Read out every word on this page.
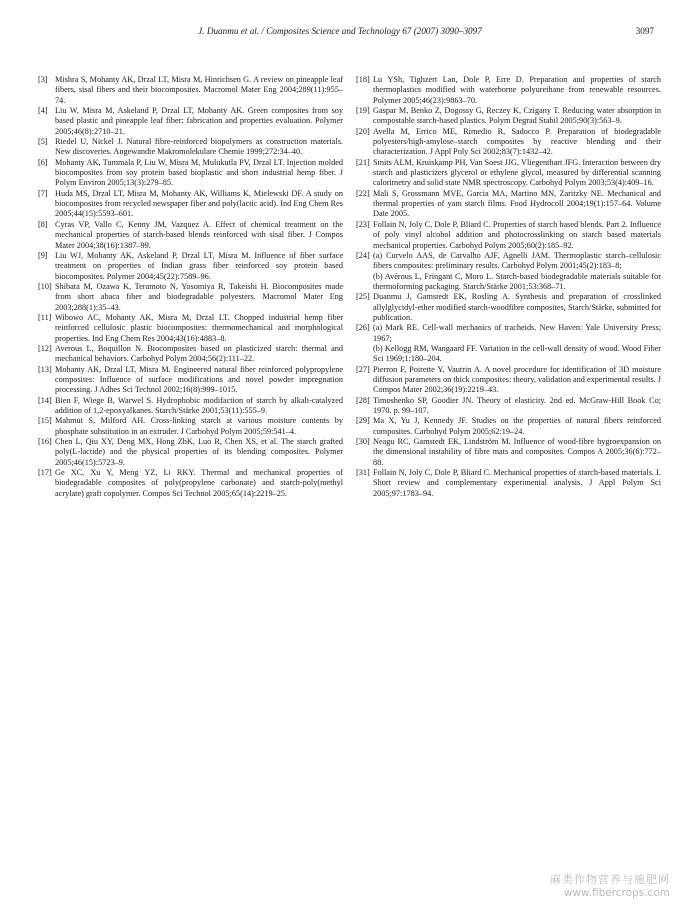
J. Duanmu et al. / Composites Science and Technology 67 (2007) 3090–3097	3097
[3] Mishra S, Mohanty AK, Drzal LT, Misra M, Hinrichsen G. A review on pineapple leaf fibers, sisal fibers and their biocomposites. Macromol Mater Eng 2004;289(11):955–74.
[4] Liu W, Misra M, Askeland P, Drzal LT, Mohanty AK. Green composites from soy based plastic and pineapple leaf fiber: fabrication and properties evaluation. Polymer 2005;46(8):2710–21.
[5] Riedel U, Nickel J. Natural fibre-reinforced biopolymers as construction materials. New discoveries. Angewandte Makromolekulare Chemie 1999;272:34–40.
[6] Mohanty AK, Tummala P, Liu W, Misra M, Mulukutla PV, Drzal LT. Injection molded biocomposites from soy protein based bioplastic and short industrial hemp fiber. J Polym Environ 2005;13(3):279–85.
[7] Huda MS, Drzal LT, Misra M, Mohanty AK, Williams K, Mielewski DF. A study on biocomposites from recycled newspaper fiber and poly(lactic acid). Ind Eng Chem Res 2005;44(15):5593–601.
[8] Cyras VP, Vallo C, Kenny JM, Vazquez A. Effect of chemical treatment on the mechanical properties of starch-based blends reinforced with sisal fiber. J Compos Mater 2004;38(16):1387–99.
[9] Liu WJ, Mohanty AK, Askeland P, Drzal LT, Misra M. Influence of fiber surface treatment on properties of Indian grass fiber reinforced soy protein based biocomposites. Polymer 2004;45(22):7589–96.
[10] Shibata M, Ozawa K, Teramoto N, Yosomiya R, Takeishi H. Biocomposites made from short abaca fiber and biodegradable polyesters. Macromol Mater Eng 2003;288(1):35–43.
[11] Wibowo AC, Mohanty AK, Misra M, Drzal LT. Chopped industrial hemp fiber reinforced cellulosic plastic biocomposites: thermomechanical and morphological properties. Ind Eng Chem Res 2004;43(16):4883–8.
[12] Averous L, Boquillon N. Biocomposites based on plasticized starch: thermal and mechanical behaviors. Carbohyd Polym 2004;56(2):111–22.
[13] Mohanty AK, Drzal LT, Misra M. Engineered natural fiber reinforced polypropylene composites: Influence of surface modifications and novel powder impregnation processing. J Adhes Sci Technol 2002;16(8):999–1015.
[14] Bien F, Wiege B, Warwel S. Hydrophobic modifaction of starch by alkali-catalyzed addition of 1,2-epoxyalkanes. Starch/Stärke 2001;53(11):555–9.
[15] Mahmut S, Milford AH. Cross-linking starch at various moisture contents by phosphate substitution in an extruder. J Carbohyd Polym 2005;59:541–4.
[16] Chen L, Qiu XY, Deng MX, Hong ZhK, Luo R, Chen XS, et al. The starch grafted poly(L-lactide) and the physical properties of its blending composites. Polymer 2005;46(15):5723–9.
[17] Ge XC, Xu Y, Meng YZ, Li RKY. Thermal and mechanical properties of biodegradable composites of poly(propylene carbonate) and starch-poly(methyl acrylate) graft copolymer. Compos Sci Technol 2005;65(14):2219–25.
[18] Lu YSh, Tighzert Lan, Dole P, Erre D. Preparation and properties of starch thermoplastics modified with waterborne polyurethane from renewable resources. Polymer 2005;46(23):9863–70.
[19] Gaspar M, Benko Z, Dogossy G, Reczey K, Czigany T. Reducing water absorption in compostable starch-based plastics. Polym Degrad Stabil 2005;90(3):563–9.
[20] Avella M, Errico ME, Rimedio R, Sadocco P. Preparation of biodegradable polyesters/high-amylose–starch composites by reactive blending and their characterization. J Appl Poly Sci 2002;83(7):1432–42.
[21] Smits ALM, Kruiskamp PH, Van Soest JJG, Vliegenthart JFG. Interaction between dry starch and plasticizers glycerol or ethylene glycol, measured by differential scanning calorimetry and solid state NMR spectroscopy. Carbohyd Polym 2003;53(4):409–16.
[22] Mali S, Grossmann MVE, Garcia MA, Martino MN, Zaritzky NE. Mechanical and thermal properties of yam starch films. Food Hydrocoll 2004;19(1):157–64. Volume Date 2005.
[23] Follain N, Joly C, Dole P, Bliard C. Properties of starch based blends. Part 2. Influence of poly vinyl alcohol addition and photocrosslinking on starch based materials mechanical properties. Carbohyd Polym 2005;60(2):185–92.
[24] (a) Curvelo AAS, de Carvalho AJF, Agnelli JAM. Thermoplastic starch–cellulosic fibers composites: preliminary results. Carbohyd Polym 2001;45(2):183–8;
(b) Avérous L, Fringant C, Moro L. Starch-based biodegradable materials suitable for thermoforming packaging. Starch/Stärke 2001;53:368–71.
[25] Duanmu J, Gamstedt EK, Rosling A. Synthesis and preparation of crosslinked allylglycidyl-ether modified starch-woodfibre composites, Starch/Stärke, submitted for publication.
[26] (a) Mark RE. Cell-wall mechanics of tracheids. New Haven: Yale University Press; 1967;
(b) Kellogg RM, Wangaard FF. Variation in the cell-wall density of wood. Wood Fiber Sci 1969;1:180–204.
[27] Pierron F, Poirette Y, Vautrin A. A novel procedure for identification of 3D moisture diffusion parameters on thick composites: theory, validation and experimental results. J Compos Mater 2002;36(19):2219–43.
[28] Timoshenko SP, Goodier JN. Theory of elasticity. 2nd ed. McGraw-Hill Book Co; 1970. p. 99–107.
[29] Ma X, Yu J, Kennedy JF. Studies on the properties of natural fibers reinforced composites. Carbohyd Polym 2005;62:19–24.
[30] Neagu RC, Gamstedt EK, Lindström M. Influence of wood-fibre hygroexpansion on the dimensional instability of fibre mats and composites. Compos A 2005;36(6):772–88.
[31] Follain N, Joly C, Dole P, Bliard C. Mechanical properties of starch-based materials. I. Short review and complementary experimental analysis. J Appl Polym Sci 2005;97:1783–94.
麻类作物营养与施肥网
www.fibercrops.com
